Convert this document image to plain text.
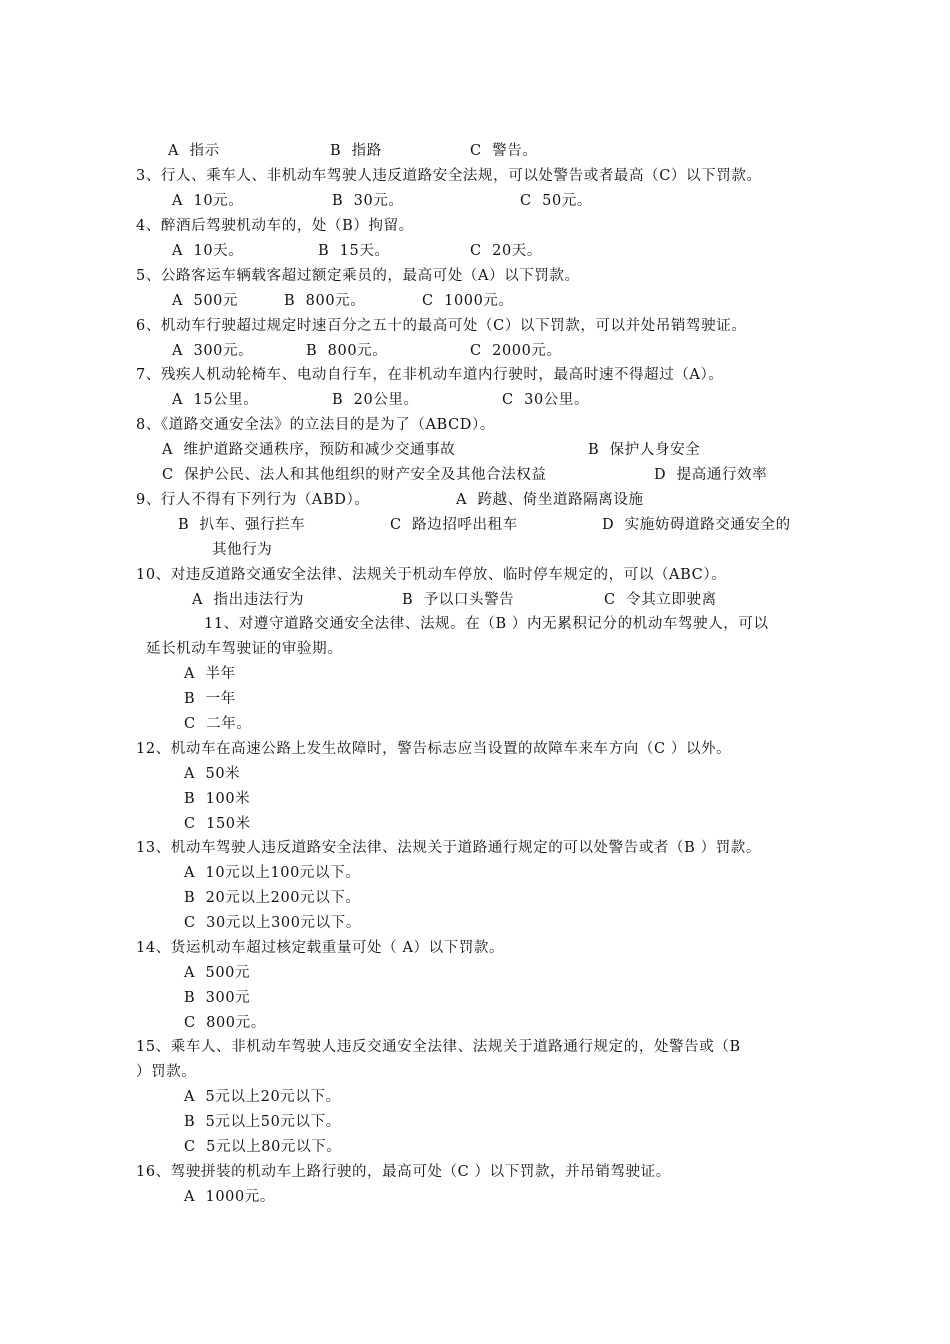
A  指示	B  指路	C  警告。
3、行人、乘车人、非机动车驾驶人违反道路安全法规，可以处警告或者最高（C）以下罚款。
A  10元。	B  30元。	C  50元。
4、醉酒后驾驶机动车的，处（B）拘留。
A  10天。	B  15天。	C  20天。
5、公路客运车辆载客超过额定乘员的，最高可处（A）以下罚款。
A  500元	B  800元。	C  1000元。
6、机动车行驶超过规定时速百分之五十的最高可处（C）以下罚款，可以并处吊销驾驶证。
A  300元。	B  800元。	C  2000元。
7、残疾人机动轮椅车、电动自行车，在非机动车道内行驶时，最高时速不得超过（A）。
A  15公里。	B  20公里。	C  30公里。
8、《道路交通安全法》的立法目的是为了（ABCD）。
A  维护道路交通秩序，预防和减少交通事故	B  保护人身安全
C  保护公民、法人和其他组织的财产安全及其他合法权益	D  提高通行效率
9、行人不得有下列行为（ABD）。	A  跨越、倚坐道路隔离设施
B  扒车、强行拦车	C  路边招呼出租车	D  实施妨碍道路交通安全的
其他行为
10、对违反道路交通安全法律、法规关于机动车停放、临时停车规定的，可以（ABC）。
A  指出违法行为	B  予以口头警告	C  令其立即驶离
11、对遵守道路交通安全法律、法规。在（B ）内无累积记分的机动车驾驶人，可以
延长机动车驾驶证的审验期。
A  半年
B  一年
C  二年。
12、机动车在高速公路上发生故障时，警告标志应当设置的故障车来车方向（C ）以外。
A  50米
B  100米
C  150米
13、机动车驾驶人违反道路安全法律、法规关于道路通行规定的可以处警告或者（B ）罚款。
A  10元以上100元以下。
B  20元以上200元以下。
C  30元以上300元以下。
14、货运机动车超过核定载重量可处（ A）以下罚款。
A  500元
B  300元
C  800元。
15、乘车人、非机动车驾驶人违反交通安全法律、法规关于道路通行规定的，处警告或（B
）罚款。
A  5元以上20元以下。
B  5元以上50元以下。
C  5元以上80元以下。
16、驾驶拼装的机动车上路行驶的，最高可处（C ）以下罚款，并吊销驾驶证。
A  1000元。
